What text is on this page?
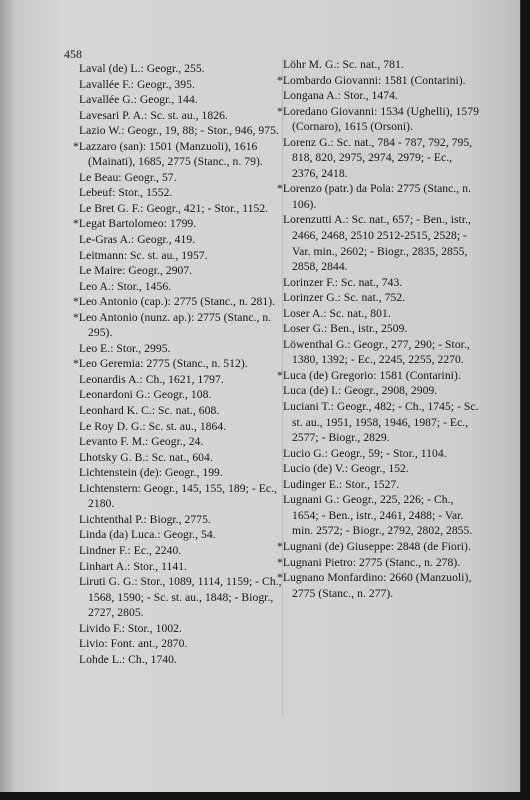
458

Laval (de) L.: Geogr., 255.

Lavallée F.: Geogr., 395.

Lavallée G.: Geogr., 144.

Lavesari P. A.: Sc. st. au., 1826.

Lazio W.: Geogr., 19, 88; - Stor., 946, 975.

*Lazzaro (san): 1501 (Manzuoli), 1616 (Mainati), 1685, 2775 (Stanc., n. 79).

Le Beau: Geogr., 57.

Lebeuf: Stor., 1552.

Le Bret G. F.: Geogr., 421; - Stor., 1152.

*Legat Bartolomeo: 1799.

Le-Gras A.: Geogr., 419.

Leitmann: Sc. st. au., 1957.

Le Maire: Geogr., 2907.

Leo A.: Stor., 1456.

*Leo Antonio (cap.): 2775 (Stanc., n. 281).

*Leo Antonio (nunz. ap.): 2775 (Stanc., n. 295).

Leo E.: Stor., 2995.

*Leo Geremia: 2775 (Stanc., n. 512).

Leonardis A.: Ch., 1621, 1797.

Leonardoni G.: Geogr., 108.

Leonhard K. C.: Sc. nat., 608.

Le Roy D. G.: Sc. st. au., 1864.

Levanto F. M.: Geogr., 24.

Lhotsky G. B.: Sc. nat., 604.

Lichtenstein (de): Geogr., 199.

Lichtenstern: Geogr., 145, 155, 189; - Ec., 2180.

Lichtenthal P.: Biogr., 2775.

Linda (da) Luca.: Geogr., 54.

Lindner F.: Ec., 2240.

Linhart A.: Stor., 1141.

Liruti G. G.: Stor., 1089, 1114, 1159; - Ch., 1568, 1590; - Sc. st. au., 1848; - Biogr., 2727, 2805.

Livido F.: Stor., 1002.

Livio: Font. ant., 2870.

Lohde L.: Ch., 1740.

Löhr M. G.: Sc. nat., 781.

*Lombardo Giovanni: 1581 (Contarini).

Longana A.: Stor., 1474.

*Loredano Giovanni: 1534 (Ughelli), 1579 (Cornaro), 1615 (Orsoni).

Lorenz G.: Sc. nat., 784 - 787, 792, 795, 818, 820, 2975, 2974, 2979; - Ec., 2376, 2418.

*Lorenzo (patr.) da Pola: 2775 (Stanc., n. 106).

Lorenzutti A.: Sc. nat., 657; - Ben., istr., 2466, 2468, 2510 2512-2515, 2528; - Var. min., 2602; - Biogr., 2835, 2855, 2858, 2844.

Lorinzer F.: Sc. nat., 743.

Lorinzer G.: Sc. nat., 752.

Loser A.: Sc. nat., 801.

Loser G.: Ben., istr., 2509.

Löwenthal G.: Geogr., 277, 290; - Stor., 1380, 1392; - Ec., 2245, 2255, 2270.

*Luca (de) Gregorio: 1581 (Contarini).

Luca (de) I.: Geogr., 2908, 2909.

Luciani T.: Geogr., 482; - Ch., 1745; - Sc. st. au., 1951, 1958, 1946, 1987; - Ec., 2577; - Biogr., 2829.

Lucio G.: Geogr., 59; - Stor., 1104.

Lucio (de) V.: Geogr., 152.

Ludinger E.: Stor., 1527.

Lugnani G.: Geogr., 225, 226; - Ch., 1654; - Ben., istr., 2461, 2488; - Var. min. 2572; - Biogr., 2792, 2802, 2855.

*Lugnani (de) Giuseppe: 2848 (de Fiori).

*Lugnani Pietro: 2775 (Stanc., n. 278).

*Lugnano Monfardino: 2660 (Manzuoli), 2775 (Stanc., n. 277).
